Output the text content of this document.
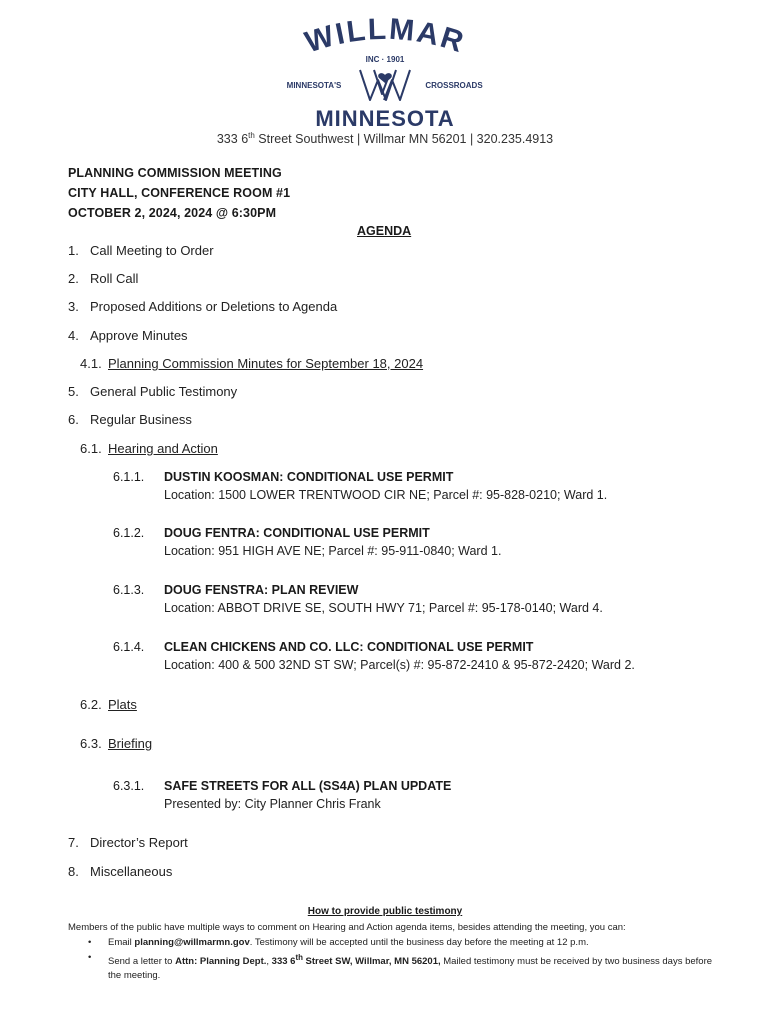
WILLMAR
INC · 1901
MINNESOTA'S	CROSSROADS
MINNESOTA
333 6th Street Southwest | Willmar MN 56201 | 320.235.4913
PLANNING COMMISSION MEETING
CITY HALL, CONFERENCE ROOM #1
OCTOBER 2, 2024, 2024 @ 6:30PM
AGENDA
1. Call Meeting to Order
2. Roll Call
3. Proposed Additions or Deletions to Agenda
4. Approve Minutes
4.1. Planning Commission Minutes for September 18, 2024
5. General Public Testimony
6. Regular Business
6.1. Hearing and Action
6.1.1. DUSTIN KOOSMAN: CONDITIONAL USE PERMIT
Location: 1500 LOWER TRENTWOOD CIR NE; Parcel #: 95-828-0210; Ward 1.
6.1.2. DOUG FENTRA: CONDITIONAL USE PERMIT
Location: 951 HIGH AVE NE; Parcel #: 95-911-0840; Ward 1.
6.1.3. DOUG FENSTRA: PLAN REVIEW
Location: ABBOT DRIVE SE, SOUTH HWY 71; Parcel #: 95-178-0140; Ward 4.
6.1.4. CLEAN CHICKENS AND CO. LLC: CONDITIONAL USE PERMIT
Location: 400 & 500 32ND ST SW; Parcel(s) #: 95-872-2410 & 95-872-2420; Ward 2.
6.2. Plats
6.3. Briefing
6.3.1. SAFE STREETS FOR ALL (SS4A) PLAN UPDATE
Presented by: City Planner Chris Frank
7. Director’s Report
8. Miscellaneous
How to provide public testimony
Members of the public have multiple ways to comment on Hearing and Action agenda items, besides attending the meeting, you can:
• Email planning@willmarmn.gov. Testimony will be accepted until the business day before the meeting at 12 p.m.
• Send a letter to Attn: Planning Dept., 333 6th Street SW, Willmar, MN 56201, Mailed testimony must be received by two business days before the meeting.
